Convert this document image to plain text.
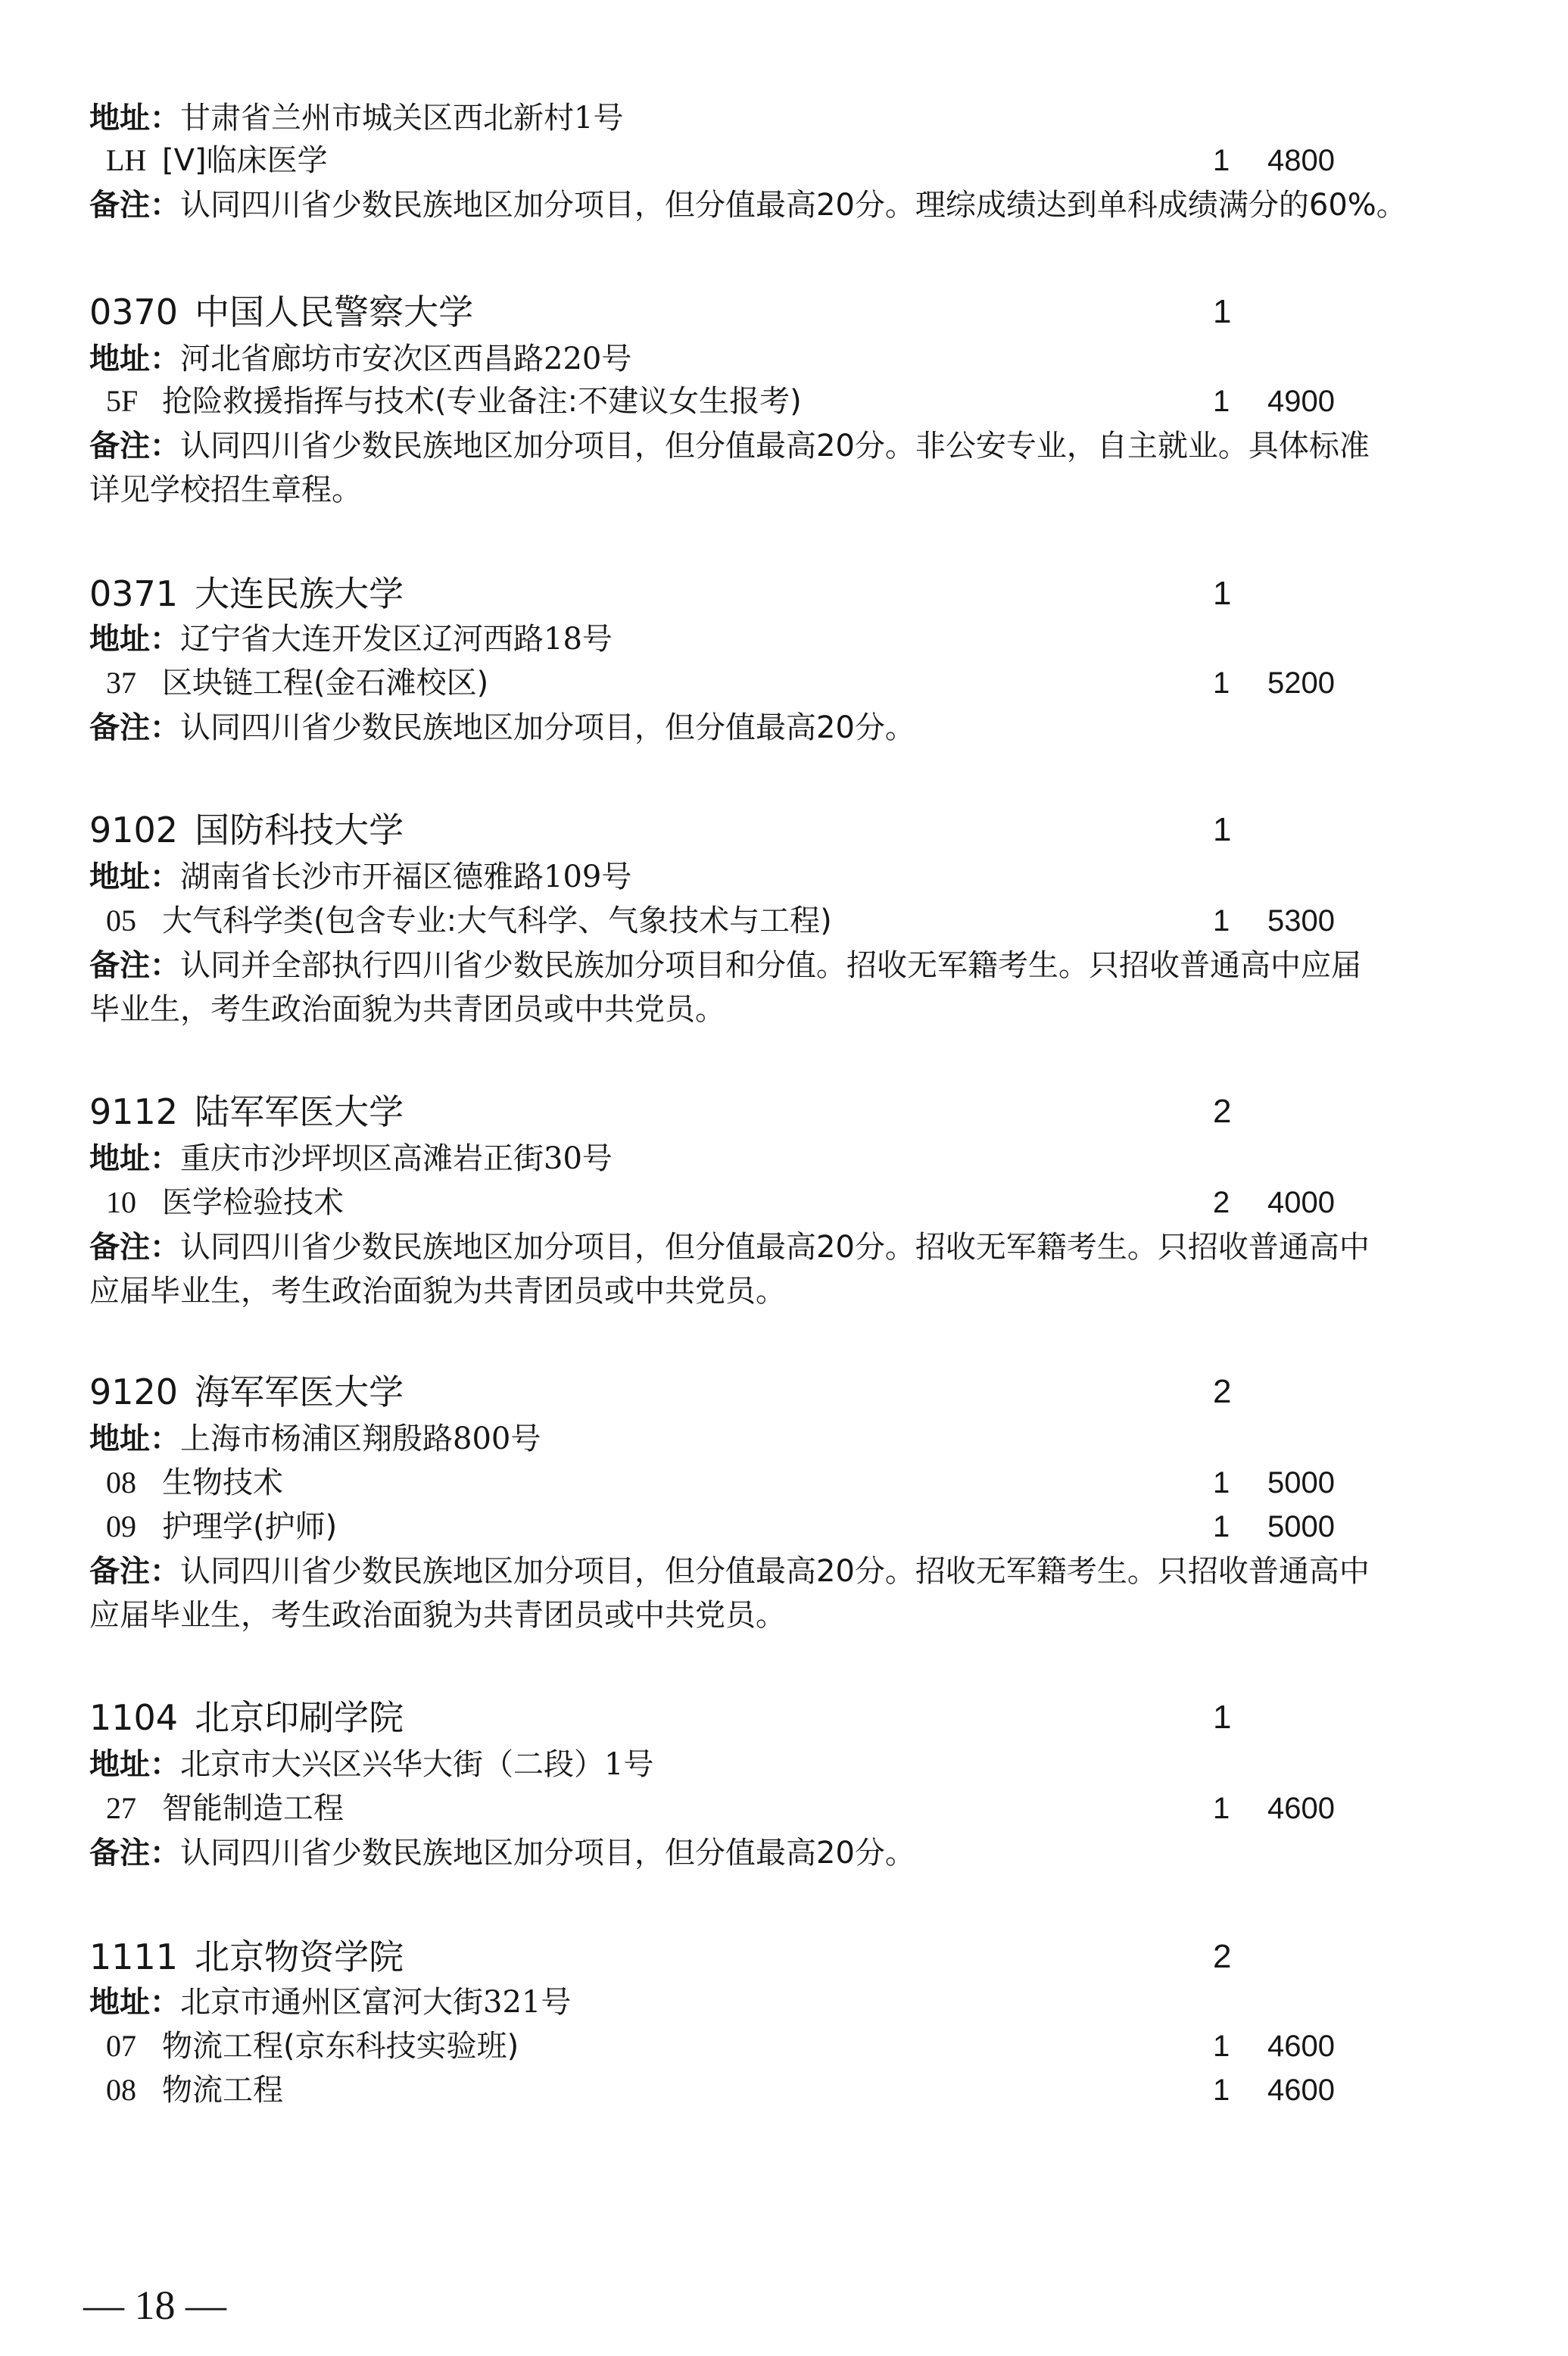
地址：甘肃省兰州市城关区西北新村1号
LH [V]临床医学	1 4800
备注：认同四川省少数民族地区加分项目，但分值最高20分。理综成绩达到单科成绩满分的60%。
0370 中国人民警察大学	1
地址：河北省廊坊市安次区西昌路220号
5F 抢险救援指挥与技术(专业备注:不建议女生报考)	1 4900
备注：认同四川省少数民族地区加分项目，但分值最高20分。非公安专业，自主就业。具体标准
详见学校招生章程。
0371 大连民族大学	1
地址：辽宁省大连开发区辽河西路18号
37 区块链工程(金石滩校区)	1 5200
备注：认同四川省少数民族地区加分项目，但分值最高20分。
9102 国防科技大学	1
地址：湖南省长沙市开福区德雅路109号
05 大气科学类(包含专业:大气科学、气象技术与工程)	1 5300
备注：认同并全部执行四川省少数民族加分项目和分值。招收无军籍考生。只招收普通高中应届
毕业生，考生政治面貌为共青团员或中共党员。
9112 陆军军医大学	2
地址：重庆市沙坪坝区高滩岩正街30号
10 医学检验技术	2 4000
备注：认同四川省少数民族地区加分项目，但分值最高20分。招收无军籍考生。只招收普通高中
应届毕业生，考生政治面貌为共青团员或中共党员。
9120 海军军医大学	2
地址：上海市杨浦区翔殷路800号
08 生物技术	1 5000
09 护理学(护师)	1 5000
备注：认同四川省少数民族地区加分项目，但分值最高20分。招收无军籍考生。只招收普通高中
应届毕业生，考生政治面貌为共青团员或中共党员。
1104 北京印刷学院	1
地址：北京市大兴区兴华大街（二段）1号
27 智能制造工程	1 4600
备注：认同四川省少数民族地区加分项目，但分值最高20分。
1111 北京物资学院	2
地址：北京市通州区富河大街321号
07 物流工程(京东科技实验班)	1 4600
08 物流工程	1 4600
— 18 —
